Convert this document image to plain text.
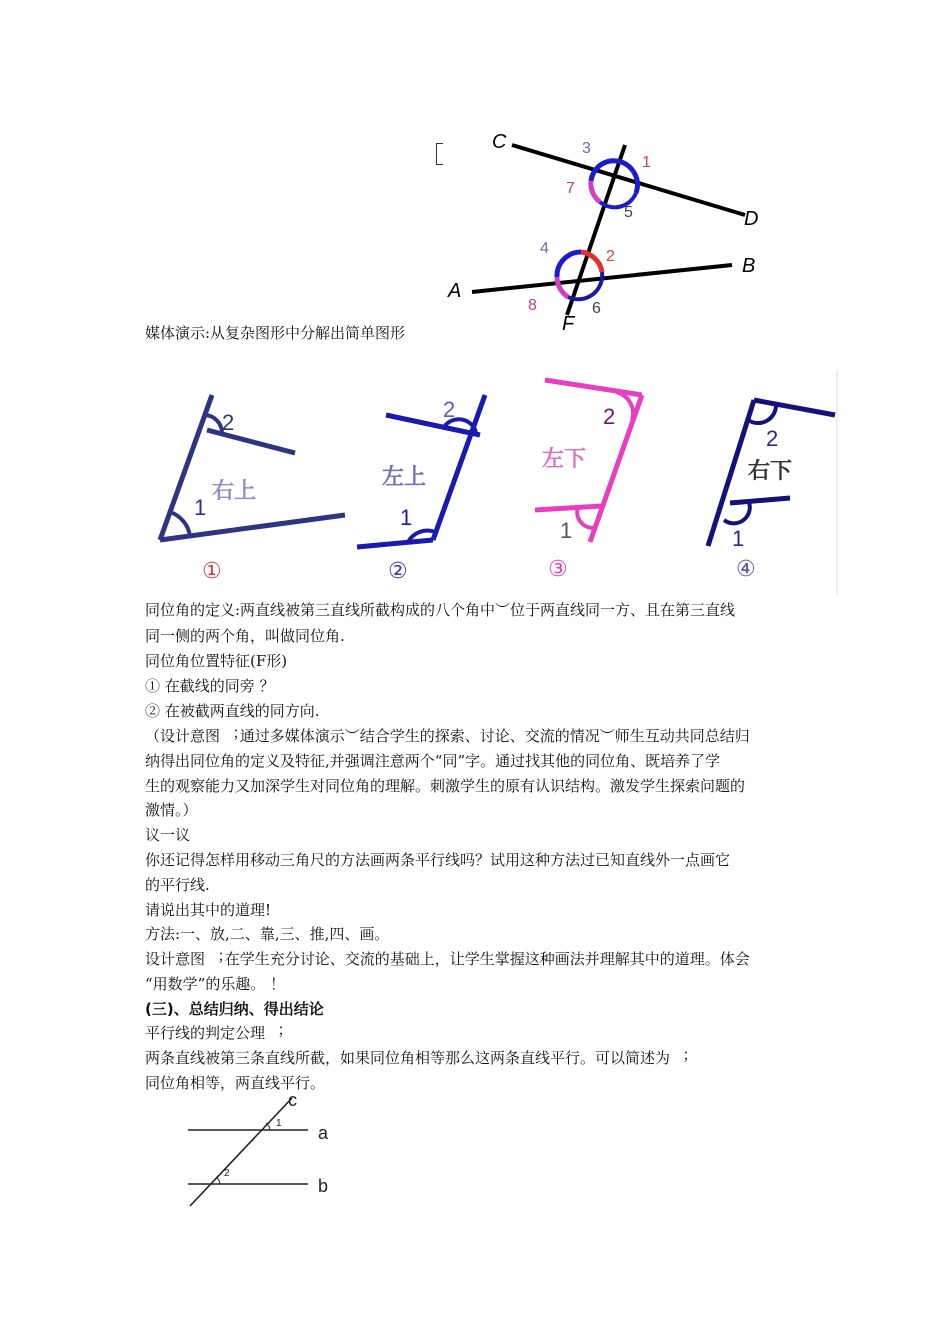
C
D
A
B
F
3
1
7
5
4	2
8	6
媒体演示:从复杂图形中分解出简单图形
2
1
右上
①
2
1
左上
②
2
1
左下
③
2
1
右下
④
同位角的定义:两直线被第三直线所截构成的八个角中︶位于两直线同一方、且在第三直线
同一侧的两个角，叫做同位角.
同位角位置特征(F形)
① 在截线的同旁 ？
② 在被截两直线的同方向.
（设计意图 ︔通过多媒体演示︶结合学生的探索、讨论、交流的情况︶师生互动共同总结归
纳得出同位角的定义及特征,并强调注意两个“同”字。通过找其他的同位角、既培养了学
生的观察能力又加深学生对同位角的理解。刺激学生的原有认识结构。激发学生探索问题的
激情。）
议一议
你还记得怎样用移动三角尺的方法画两条平行线吗？试用这种方法过已知直线外一点画它
的平行线.
请说出其中的道理!
方法:一、放,二、靠,三、推,四、画。
设计意图 ︔在学生充分讨论、交流的基础上，让学生掌握这种画法并理解其中的道理。体会
“用数学”的乐趣。 ！
(三)、总结归纳、得出结论
平行线的判定公理 ︔
两条直线被第三条直线所截，如果同位角相等那么这两条直线平行。可以简述为 ︔
同位角相等，两直线平行。
c
a
b
1
2
